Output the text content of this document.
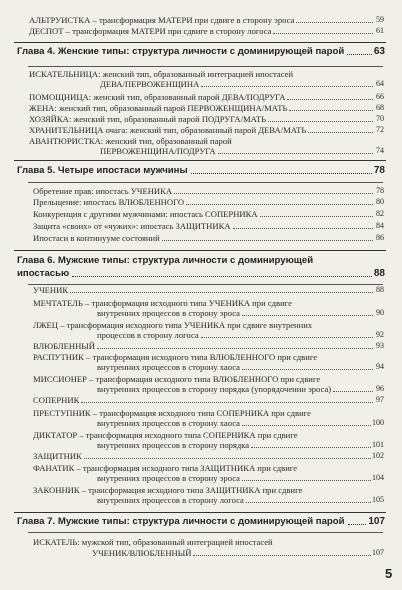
АЛЬТРУИСТКА – трансформация МАТЕРИ при сдвиге в сторону эроса	59
ДЕСПОТ – трансформация МАТЕРИ при сдвиге в сторону логоса	61
Глава 4. Женские типы: структура личности с доминирующей парой	63
ИСКАТЕЛЬНИЦА: женский тип, образованный интеграцией ипостасей
ДЕВА/ПЕРВОЖЕНЩИНА	64
ПОМОЩНИЦА: женский тип, образованный парой ДЕВА/ПОДРУГА	66
ЖЕНА: женский тип, образованный парой ПЕРВОЖЕНЩИНА/МАТЬ	68
ХОЗЯЙКА: женский тип, образованный парой ПОДРУГА/МАТЬ	70
ХРАНИТЕЛЬНИЦА очага: женский тип, образованный парой ДЕВА/МАТЬ	72
АВАНТЮРИСТКА: женский тип, образованный парой
ПЕРВОЖЕНЩИНА/ПОДРУГА	74
Глава 5. Четыре ипостаси мужчины	78
Обретение прав: ипостась УЧЕНИКА	78
Прельщение: ипостась ВЛЮБЛЕННОГО	80
Конкуренция с другими мужчинами: ипостась СОПЕРНИКА	82
Защита «своих» от «чужих»: ипостась ЗАЩИТНИКА	84
Ипостаси в континууме состояний	86
Глава 6. Мужские типы: структура личности с доминирующей
ипостасью	88
УЧЕНИК	88
МЕЧТАТЕЛЬ – трансформация исходного типа УЧЕНИКА при сдвиге
внутренних процессов в сторону эроса	90
ЛЖЕЦ – трансформация исходного типа УЧЕНИКА при сдвиге внутренних
процессов в сторону логоса	92
ВЛЮБЛЕННЫЙ	93
РАСПУТНИК – трансформация исходного типа ВЛЮБЛЕННОГО при сдвиге
внутренних процессов в сторону хаоса	94
МИССИОНЕР – трансформация исходного типа ВЛЮБЛЕННОГО при сдвиге
внутренних процессов в сторону порядка (упорядочении эроса)	96
СОПЕРНИК	97
ПРЕСТУПНИК – трансформация исходного типа СОПЕРНИКА при сдвиге
внутренних процессов в сторону хаоса	100
ДИКТАТОР – трансформация исходного типа СОПЕРНИКА при сдвиге
внутренних процессов в сторону порядка	101
ЗАЩИТНИК	102
ФАНАТИК – трансформация исходного типа ЗАЩИТНИКА при сдвиге
внутренних процессов в сторону эроса	104
ЗАКОННИК – трансформация исходного типа ЗАЩИТНИКА при сдвиге
внутренних процессов в сторону логоса	105
Глава 7. Мужские типы: структура личности с доминирующей парой 107
ИСКАТЕЛЬ: мужской тип, образованный интеграцией ипостасей
УЧЕНИК/ВЛЮБЛЕННЫЙ	107
5
